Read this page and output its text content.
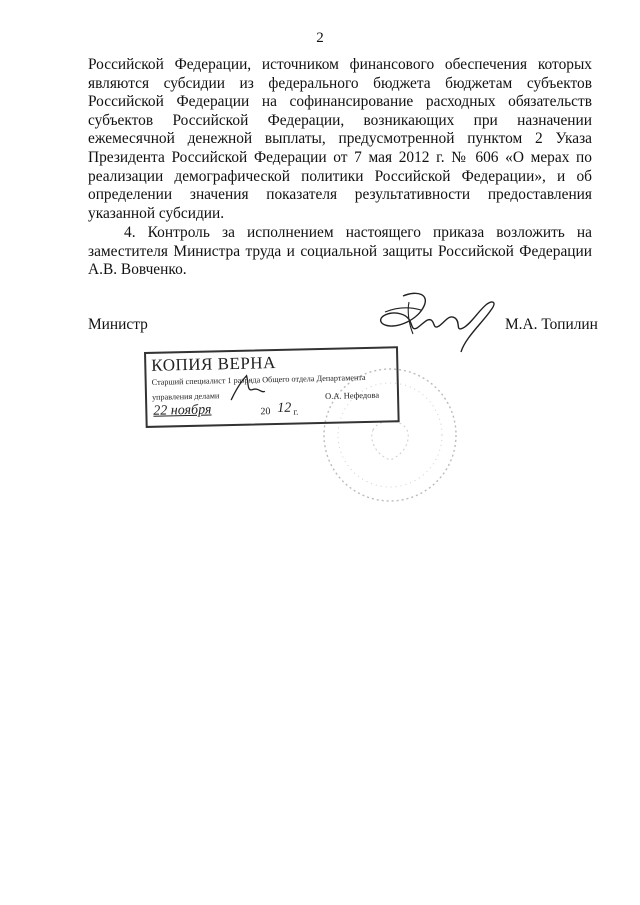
2
Российской Федерации, источником финансового обеспечения которых
являются субсидии из федерального бюджета бюджетам субъектов
Российской Федерации на софинансирование расходных обязательств
субъектов Российской Федерации, возникающих при назначении
ежемесячной денежной выплаты, предусмотренной пунктом 2 Указа
Президента Российской Федерации от 7 мая 2012 г. № 606 «О мерах по
реализации демографической политики Российской Федерации», и об
определении значения показателя результативности предоставления
указанной субсидии.
4. Контроль за исполнением настоящего приказа возложить на
заместителя Министра труда и социальной защиты Российской Федерации
А.В. Вовченко.
Министр	М.А. Топилин
КОПИЯ ВЕРНА
Старший специалист 1 разряда Общего отдела Департамента
управления делами	О.А. Нефедова
22 ноября	20 12 г.
